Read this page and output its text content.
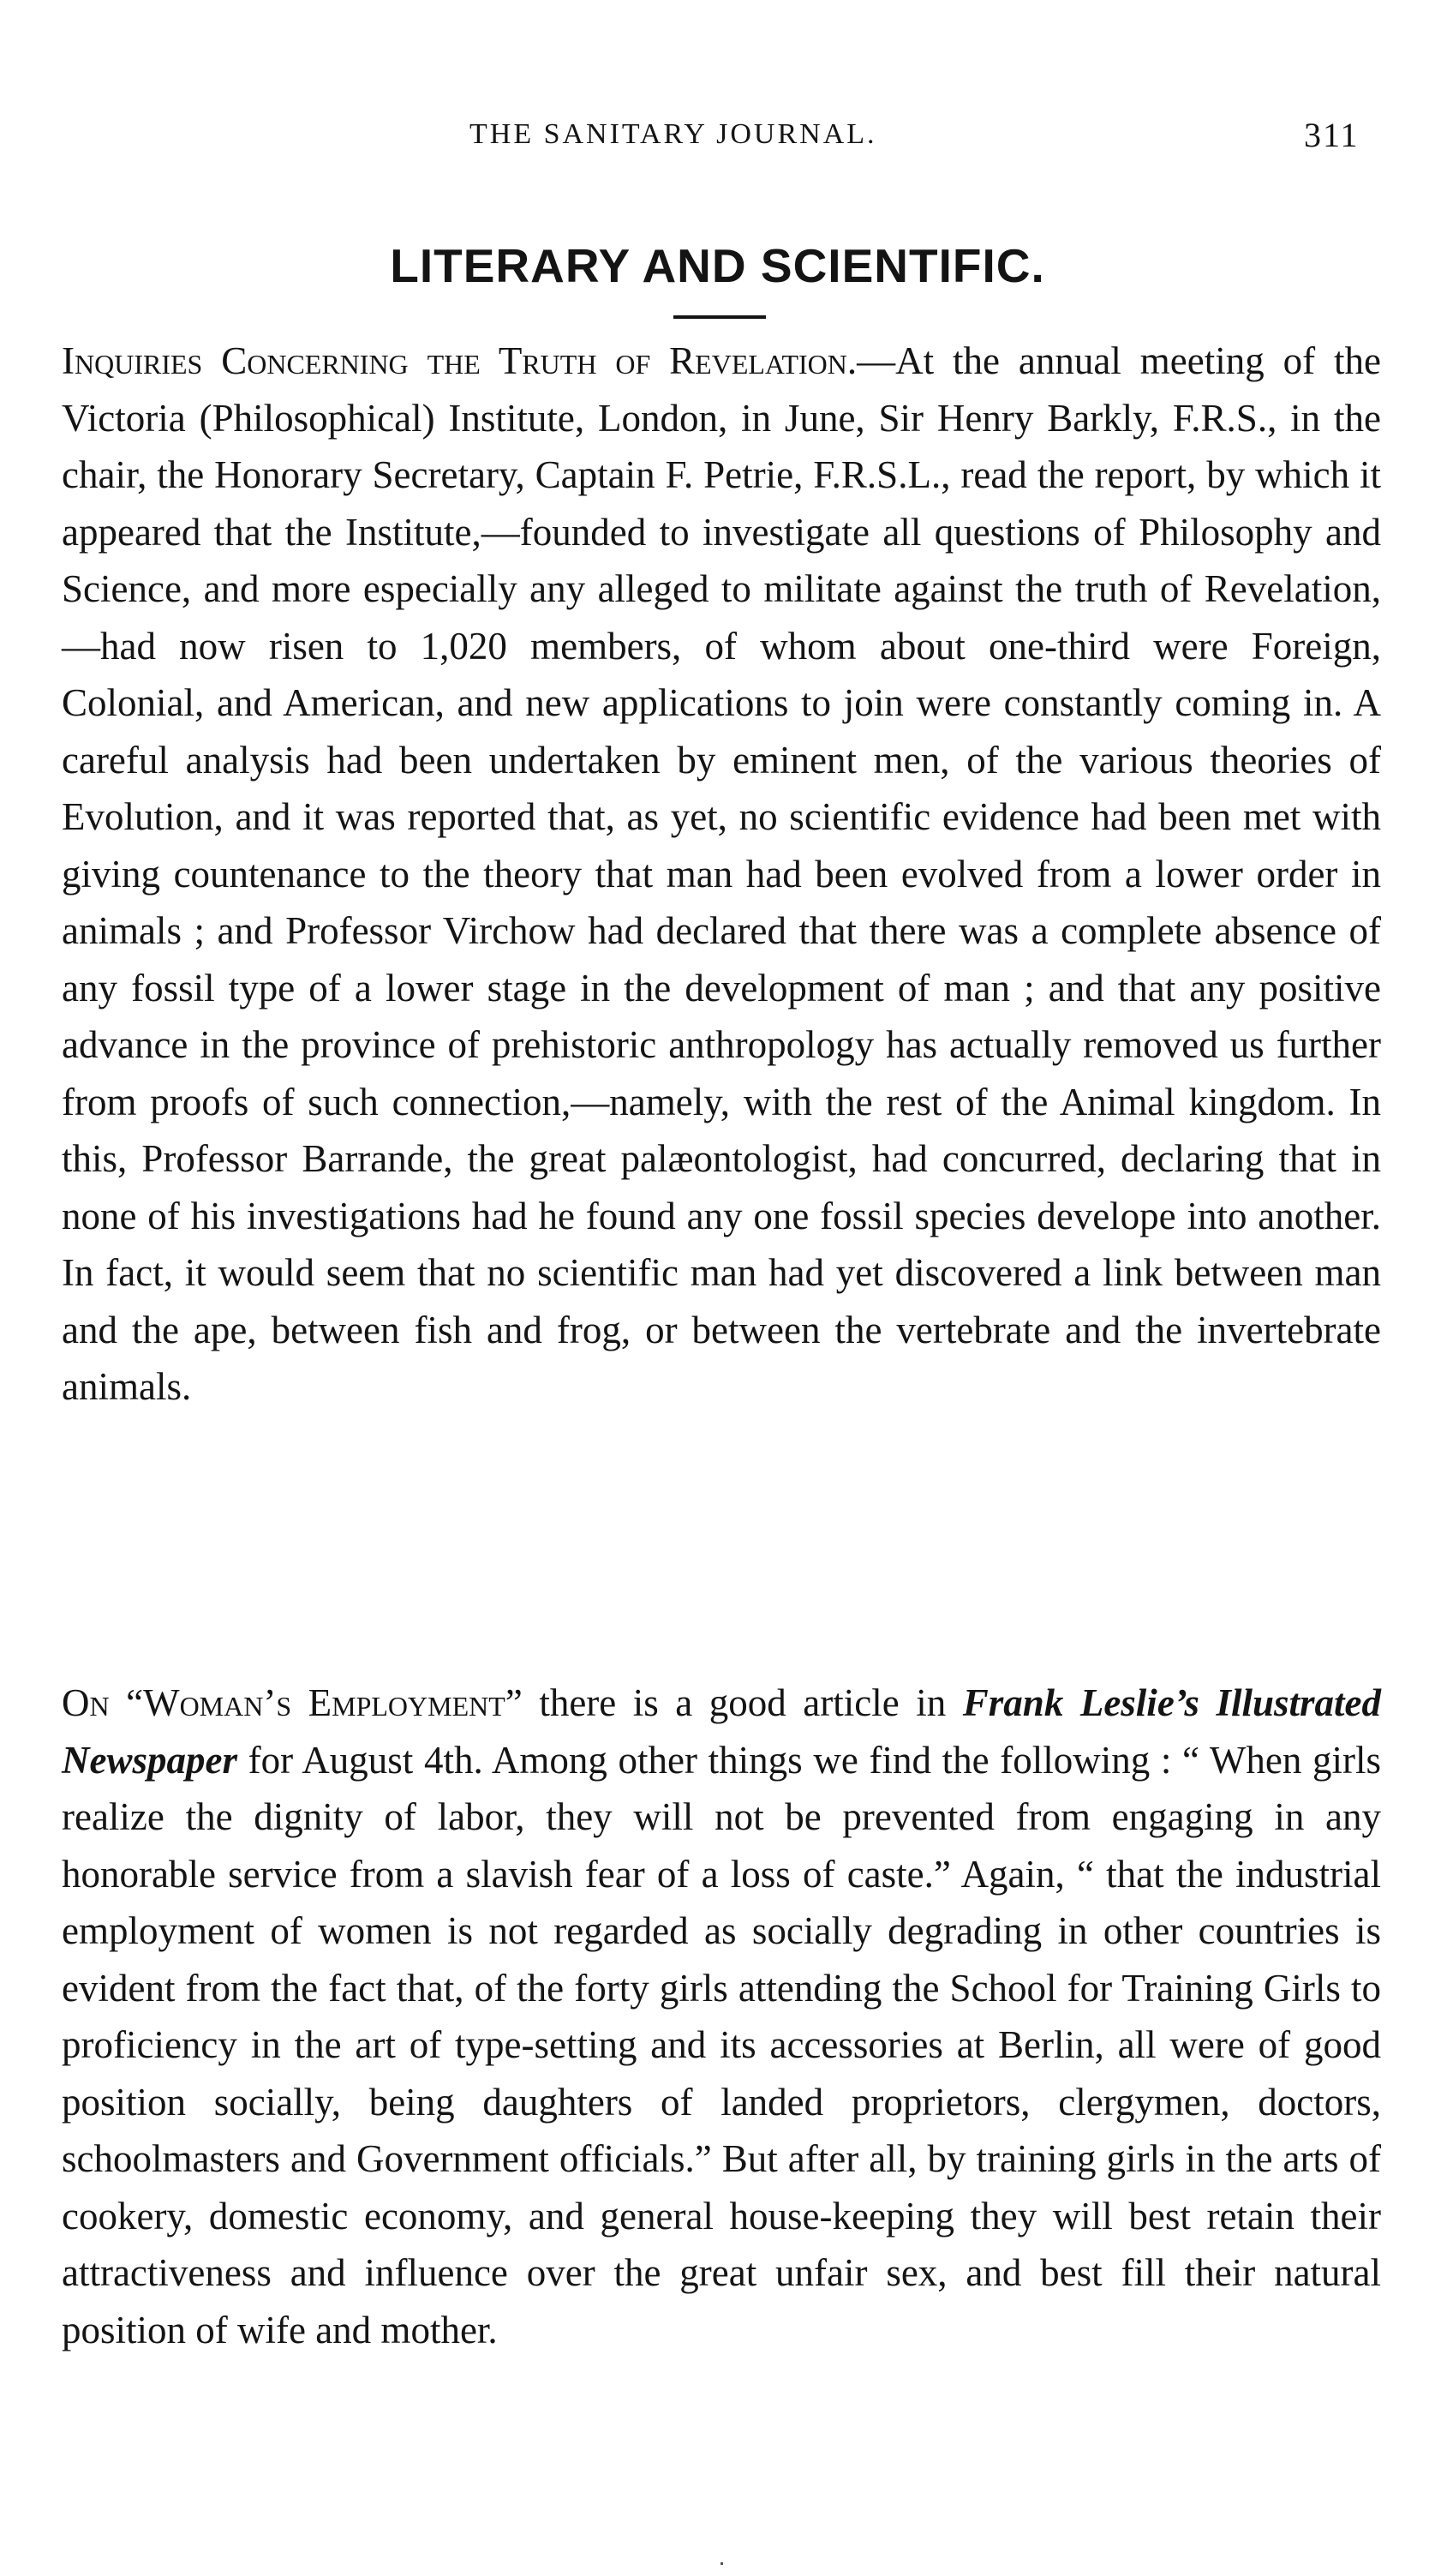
THE SANITARY JOURNAL.	311
LITERARY AND SCIENTIFIC.

Inquiries Concerning the Truth of Revelation.—At the annual meeting of the Victoria (Philosophical) Institute, London, in June, Sir Henry Barkly, F.R.S., in the chair, the Honorary Secretary, Captain F. Petrie, F.R.S.L., read the report, by which it appeared that the Institute,—founded to investigate all questions of Philosophy and Science, and more especially any alleged to militate against the truth of Revelation,—had now risen to 1,020 members, of whom about one-third were Foreign, Colonial, and American, and new applications to join were constantly coming in. A careful analysis had been undertaken by eminent men, of the various theories of Evolution, and it was reported that, as yet, no scientific evidence had been met with giving countenance to the theory that man had been evolved from a lower order in animals ; and Professor Virchow had declared that there was a complete absence of any fossil type of a lower stage in the development of man ; and that any positive advance in the province of prehistoric anthropology has actually removed us further from proofs of such connection,—namely, with the rest of the Animal kingdom. In this, Professor Barrande, the great palæontologist, had concurred, declaring that in none of his investigations had he found any one fossil species develope into another. In fact, it would seem that no scientific man had yet discovered a link between man and the ape, between fish and frog, or between the vertebrate and the invertebrate animals.

On “Woman’s Employment” there is a good article in Frank Leslie’s Illustrated Newspaper for August 4th. Among other things we find the following : “ When girls realize the dignity of labor, they will not be prevented from engaging in any honorable service from a slavish fear of a loss of caste.” Again, “ that the industrial employment of women is not regarded as socially degrading in other countries is evident from the fact that, of the forty girls attending the School for Training Girls to proficiency in the art of type-setting and its accessories at Berlin, all were of good position socially, being daughters of landed proprietors, clergymen, doctors, schoolmasters and Government officials.” But after all, by training girls in the arts of cookery, domestic economy, and general house-keeping they will best retain their attractiveness and influence over the great unfair sex, and best fill their natural position of wife and mother.
